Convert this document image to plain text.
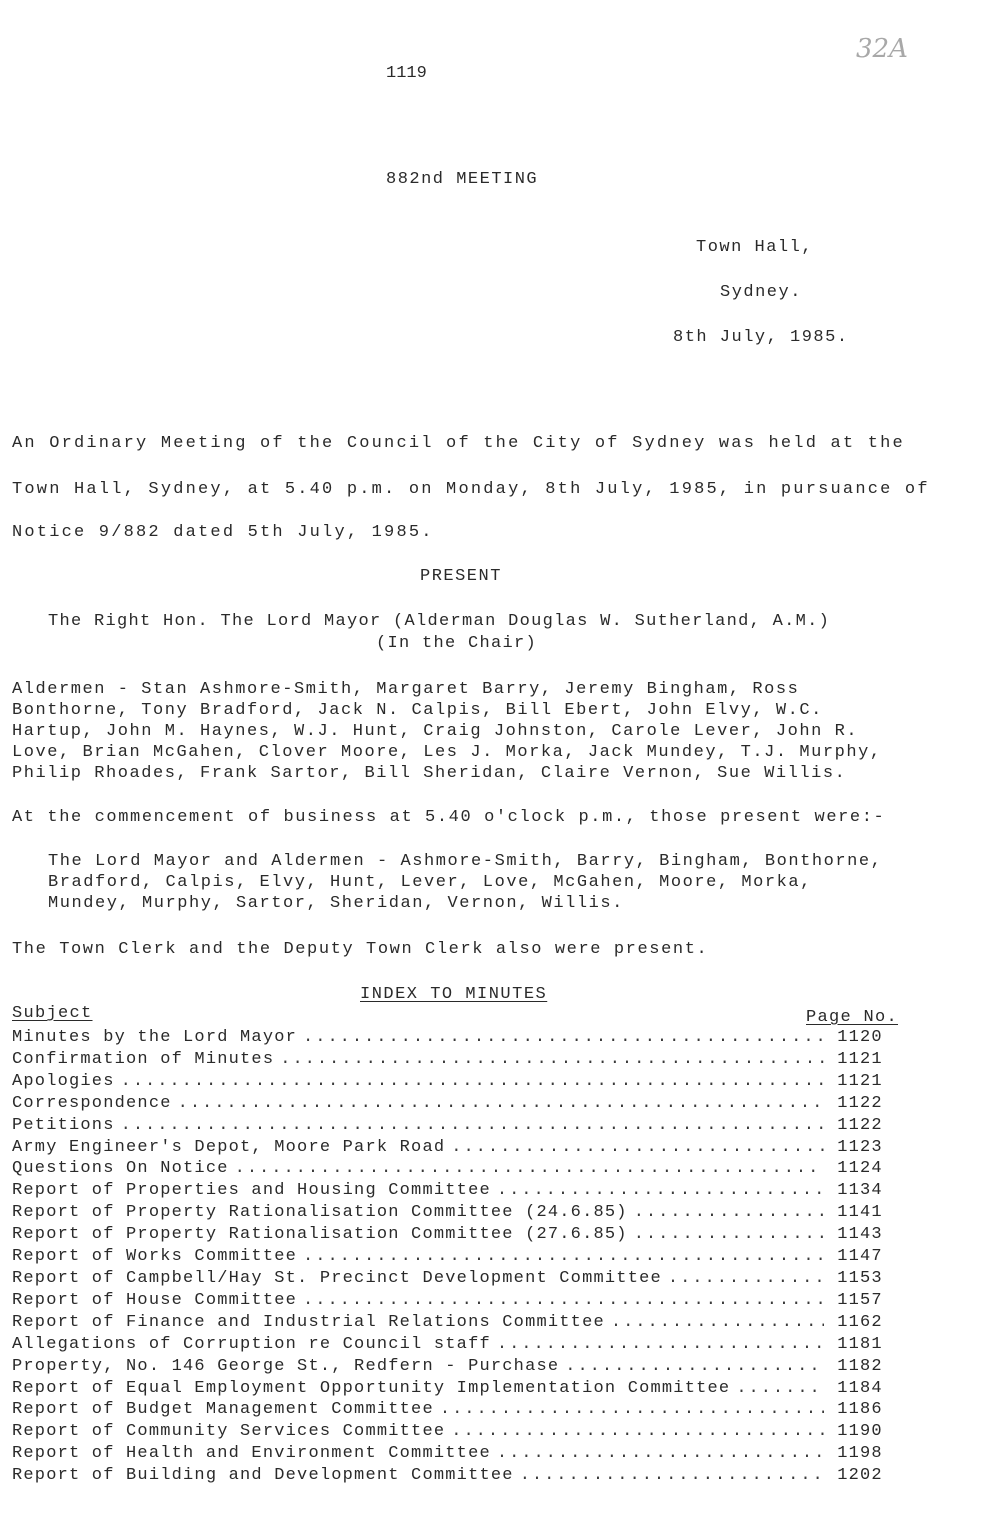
1119
32A
882nd MEETING
Town Hall,
Sydney.
8th July, 1985.
An Ordinary Meeting of the Council of the City of Sydney was held at the
Town Hall, Sydney, at 5.40 p.m. on Monday, 8th July, 1985, in pursuance of
Notice 9/882 dated 5th July, 1985.
PRESENT
The Right Hon. The Lord Mayor (Alderman Douglas W. Sutherland, A.M.)
(In the Chair)
Aldermen - Stan Ashmore-Smith, Margaret Barry, Jeremy Bingham, Ross
Bonthorne, Tony Bradford, Jack N. Calpis, Bill Ebert, John Elvy, W.C.
Hartup, John M. Haynes, W.J. Hunt, Craig Johnston, Carole Lever, John R.
Love, Brian McGahen, Clover Moore, Les J. Morka, Jack Mundey, T.J. Murphy,
Philip Rhoades, Frank Sartor, Bill Sheridan, Claire Vernon, Sue Willis.
At the commencement of business at 5.40 o'clock p.m., those present were:-
The Lord Mayor and Aldermen - Ashmore-Smith, Barry, Bingham, Bonthorne,
Bradford, Calpis, Elvy, Hunt, Lever, Love, McGahen, Moore, Morka,
Mundey, Murphy, Sartor, Sheridan, Vernon, Willis.
The Town Clerk and the Deputy Town Clerk also were present.
INDEX TO MINUTES
Subject	Page No.
Minutes by the Lord Mayor .....	1120
Confirmation of Minutes .....	1121
Apologies .....	1121
Correspondence .....	1122
Petitions .....	1122
Army Engineer's Depot, Moore Park Road .....	1123
Questions On Notice .....	1124
Report of Properties and Housing Committee .....	1134
Report of Property Rationalisation Committee (24.6.85) .....	1141
Report of Property Rationalisation Committee (27.6.85) .....	1143
Report of Works Committee .....	1147
Report of Campbell/Hay St. Precinct Development Committee .....	1153
Report of House Committee .....	1157
Report of Finance and Industrial Relations Committee .....	1162
Allegations of Corruption re Council staff .....	1181
Property, No. 146 George St., Redfern - Purchase .....	1182
Report of Equal Employment Opportunity Implementation Committee .....	1184
Report of Budget Management Committee .....	1186
Report of Community Services Committee .....	1190
Report of Health and Environment Committee .....	1198
Report of Building and Development Committee .....	1202
